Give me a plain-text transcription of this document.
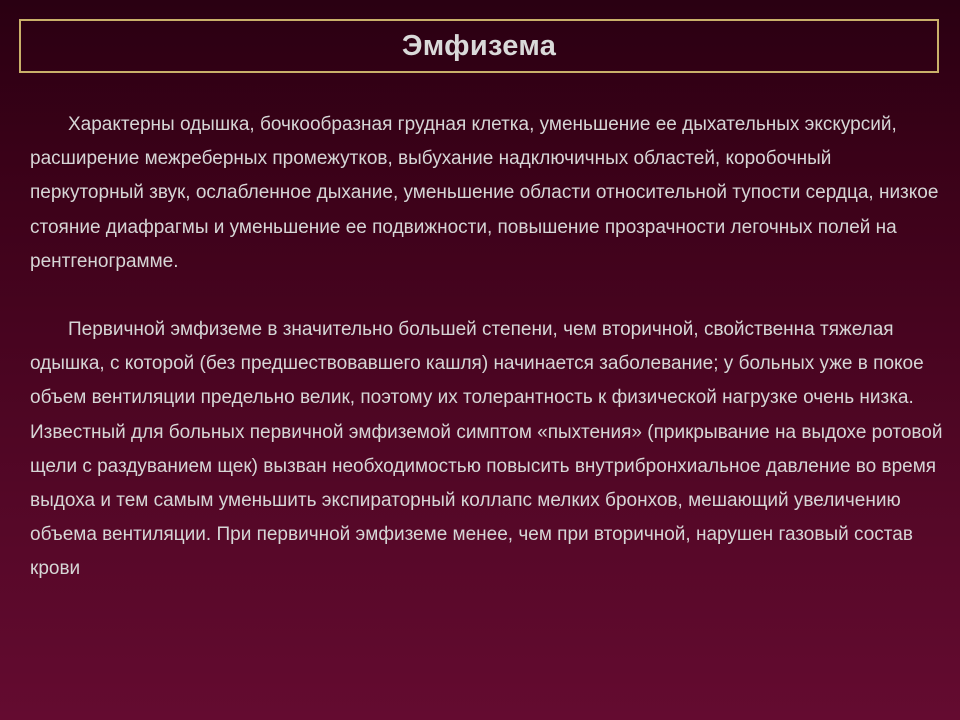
Эмфизема

Характерны одышка, бочкообразная грудная клетка, уменьшение ее дыхательных экскурсий, расширение межреберных промежутков, выбухание надключичных областей, коробочный перкуторный звук, ослабленное дыхание, уменьшение области относительной тупости сердца, низкое стояние диафрагмы и уменьшение ее подвижности, повышение прозрачности легочных полей на рентгенограмме.

Первичной эмфиземе в значительно большей степени, чем вторичной, свойственна тяжелая одышка, с которой (без предшествовавшего кашля) начинается заболевание; у больных уже в покое объем вентиляции предельно велик, поэтому их толерантность к физической нагрузке очень низка. Известный для больных первичной эмфиземой симптом «пыхтения» (прикрывание на выдохе ротовой щели с раздуванием щек) вызван необходимостью повысить внутрибронхиальное давление во время выдоха и тем самым уменьшить экспираторный коллапс мелких бронхов, мешающий увеличению объема вентиляции. При первичной эмфиземе менее, чем при вторичной, нарушен газовый состав крови
